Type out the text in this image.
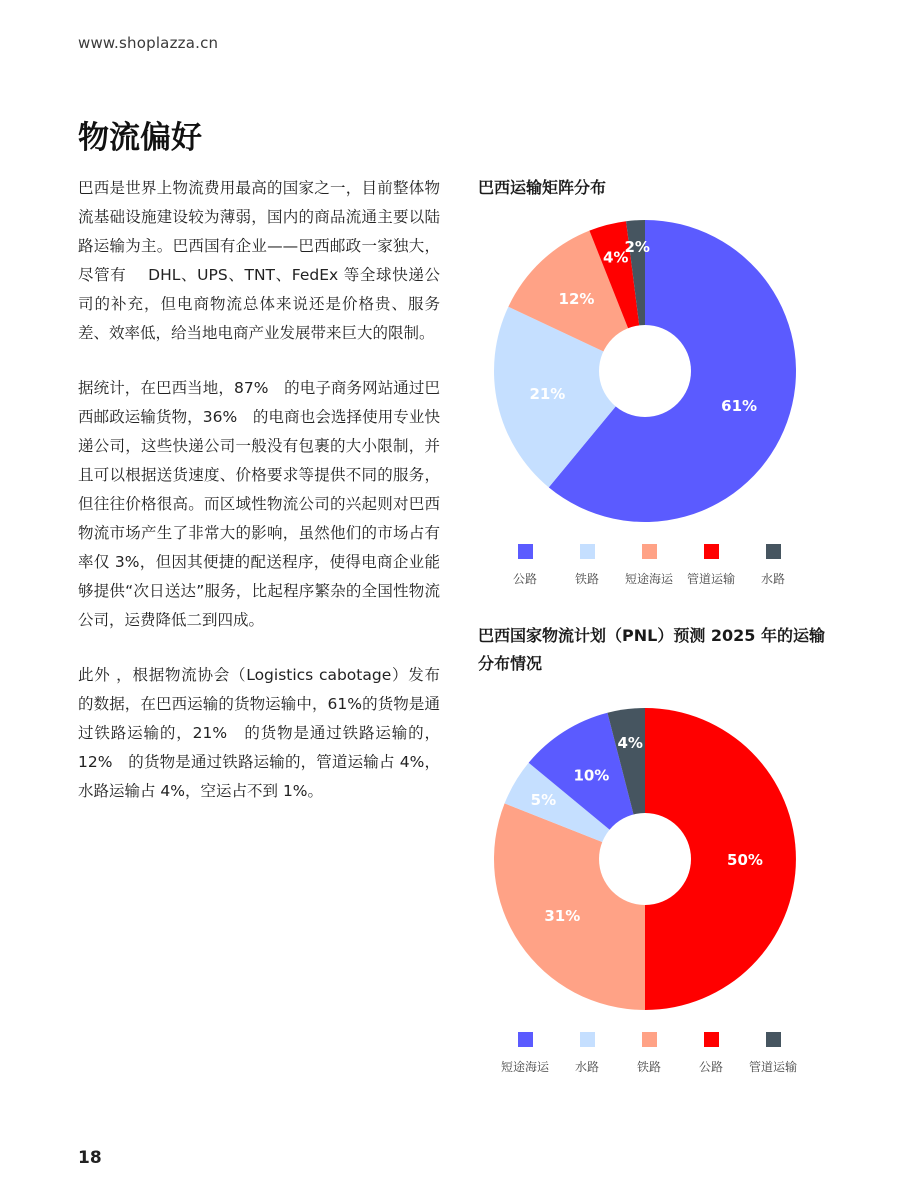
www.shoplazza.cn
物流偏好

巴西是世界上物流费用最高的国家之一，目前整体物流基础设施建设较为薄弱，国内的商品流通主要以陆路运输为主。巴西国有企业——巴西邮政一家独大，尽管有　 DHL、UPS、TNT、FedEx 等全球快递公司的补充，但电商物流总体来说还是价格贵、服务差、效率低，给当地电商产业发展带来巨大的限制。

据统计，在巴西当地，87%　的电子商务网站通过巴西邮政运输货物，36%　的电商也会选择使用专业快递公司，这些快递公司一般没有包裹的大小限制，并且可以根据送货速度、价格要求等提供不同的服务，但往往价格很高。而区域性物流公司的兴起则对巴西物流市场产生了非常大的影响，虽然他们的市场占有率仅 3%，但因其便捷的配送程序，使得电商企业能够提供“次日送达”服务，比起程序繁杂的全国性物流公司，运费降低二到四成。

此外 ，根据物流协会（Logistics cabotage）发布的数据，在巴西运输的货物运输中，61%的货物是通过铁路运输的，21%　的货物是通过铁路运输的，12%　的货物是通过铁路运输的，管道运输占 4%，水路运输占 4%，空运占不到 1%。

巴西运输矩阵分布
61%
21%
12%
4%
2%
公路	铁路 短途海运 管道运输 水路
巴西国家物流计划（PNL）预测 2025 年的运输分布情况
50%
31%
5%
10%
4%
短途海运 水路	铁路	公路 管道运输
18
